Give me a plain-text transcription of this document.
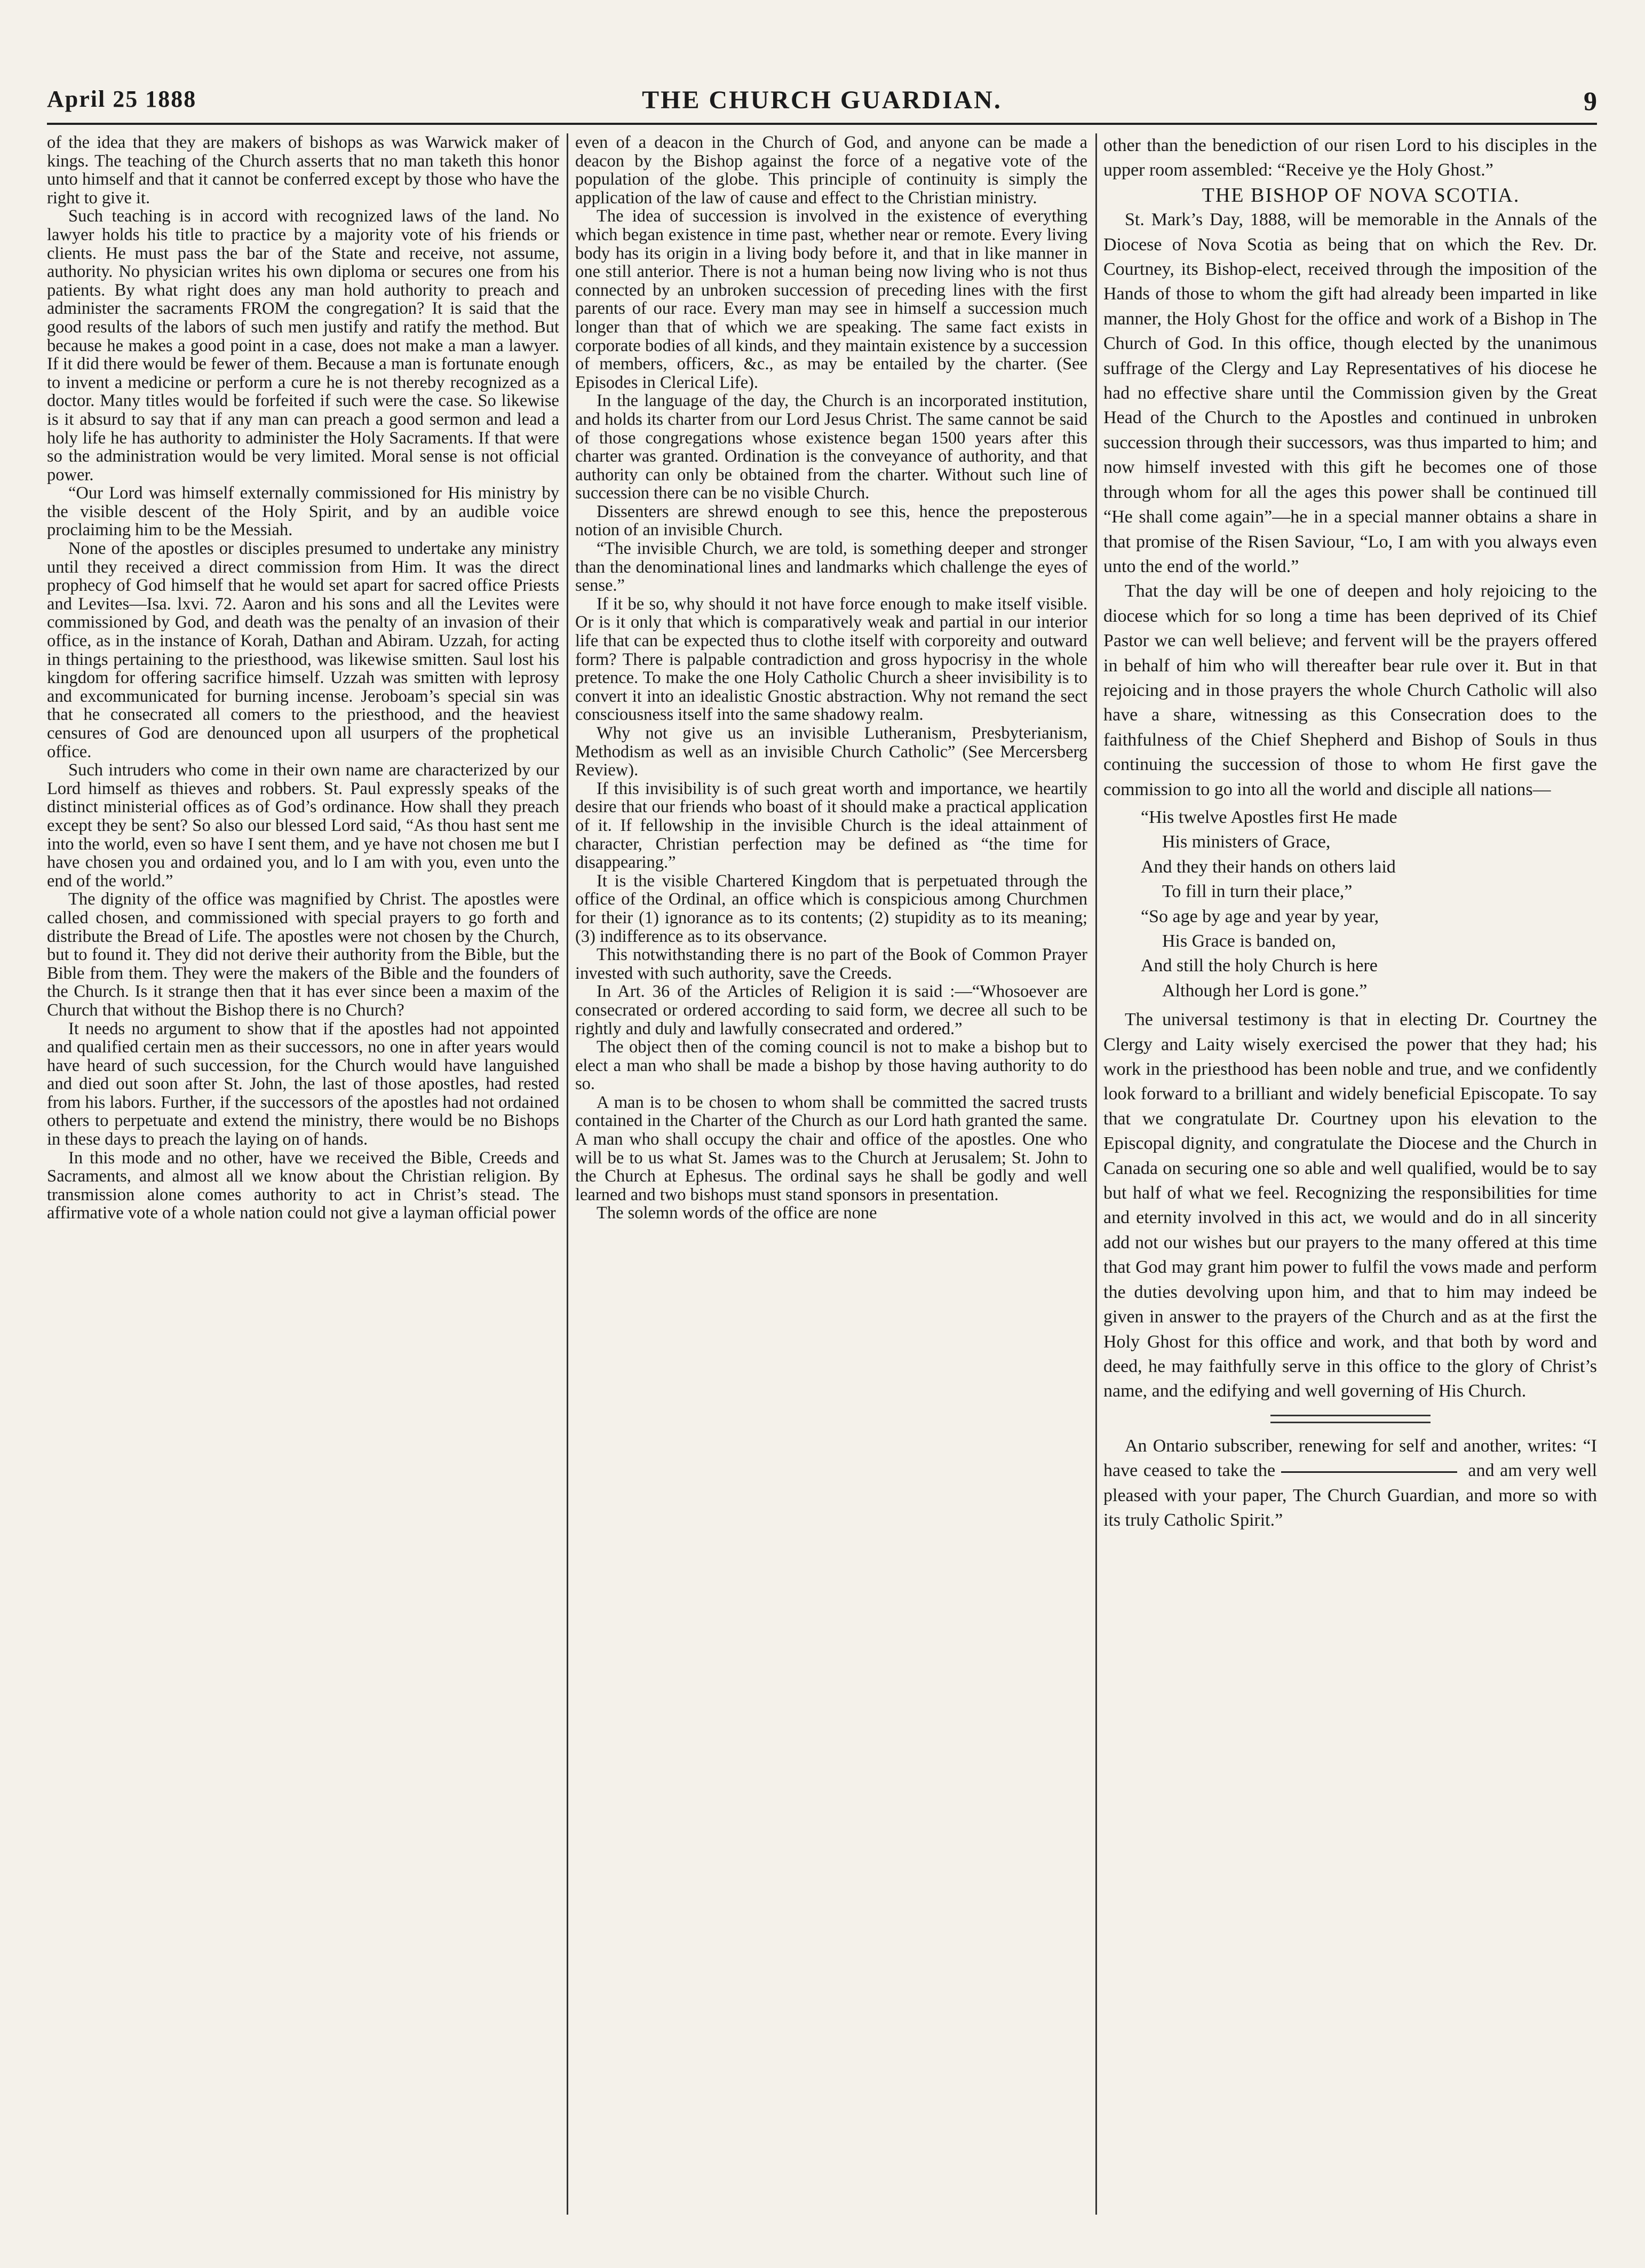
April 25 1888	THE CHURCH GUARDIAN.	9

of the idea that they are makers of bishops as was Warwick maker of kings. The teaching of the Church asserts that no man taketh this honor unto himself and that it cannot be conferred except by those who have the right to give it.

Such teaching is in accord with recognized laws of the land. No lawyer holds his title to practice by a majority vote of his friends or clients. He must pass the bar of the State and receive, not assume, authority. No physician writes his own diploma or secures one from his patients. By what right does any man hold authority to preach and administer the sacraments FROM the congregation? It is said that the good results of the labors of such men justify and ratify the method. But because he makes a good point in a case, does not make a man a lawyer. If it did there would be fewer of them. Because a man is fortunate enough to invent a medicine or perform a cure he is not thereby recognized as a doctor. Many titles would be forfeited if such were the case. So likewise is it absurd to say that if any man can preach a good sermon and lead a holy life he has authority to administer the Holy Sacraments. If that were so the administration would be very limited. Moral sense is not official power.

“Our Lord was himself externally commissioned for His ministry by the visible descent of the Holy Spirit, and by an audible voice proclaiming him to be the Messiah.

None of the apostles or disciples presumed to undertake any ministry until they received a direct commission from Him. It was the direct prophecy of God himself that he would set apart for sacred office Priests and Levites—Isa. lxvi. 72. Aaron and his sons and all the Levites were commissioned by God, and death was the penalty of an invasion of their office, as in the instance of Korah, Dathan and Abiram. Uzzah, for acting in things pertaining to the priesthood, was likewise smitten. Saul lost his kingdom for offering sacrifice himself. Uzzah was smitten with leprosy and excommunicated for burning incense. Jeroboam’s special sin was that he consecrated all comers to the priesthood, and the heaviest censures of God are denounced upon all usurpers of the prophetical office.

Such intruders who come in their own name are characterized by our Lord himself as thieves and robbers. St. Paul expressly speaks of the distinct ministerial offices as of God’s ordinance. How shall they preach except they be sent? So also our blessed Lord said, “As thou hast sent me into the world, even so have I sent them, and ye have not chosen me but I have chosen you and ordained you, and lo I am with you, even unto the end of the world.”

The dignity of the office was magnified by Christ. The apostles were called chosen, and commissioned with special prayers to go forth and distribute the Bread of Life. The apostles were not chosen by the Church, but to found it. They did not derive their authority from the Bible, but the Bible from them. They were the makers of the Bible and the founders of the Church. Is it strange then that it has ever since been a maxim of the Church that without the Bishop there is no Church?

It needs no argument to show that if the apostles had not appointed and qualified certain men as their successors, no one in after years would have heard of such succession, for the Church would have languished and died out soon after St. John, the last of those apostles, had rested from his labors. Further, if the successors of the apostles had not ordained others to perpetuate and extend the ministry, there would be no Bishops in these days to preach the laying on of hands.

In this mode and no other, have we received the Bible, Creeds and Sacraments, and almost all we know about the Christian religion. By transmission alone comes authority to act in Christ’s stead. The affirmative vote of a whole nation could not give a layman official power

even of a deacon in the Church of God, and anyone can be made a deacon by the Bishop against the force of a negative vote of the population of the globe. This principle of continuity is simply the application of the law of cause and effect to the Christian ministry.

The idea of succession is involved in the existence of everything which began existence in time past, whether near or remote. Every living body has its origin in a living body before it, and that in like manner in one still anterior. There is not a human being now living who is not thus connected by an unbroken succession of preceding lines with the first parents of our race. Every man may see in himself a succession much longer than that of which we are speaking. The same fact exists in corporate bodies of all kinds, and they maintain existence by a succession of members, officers, &c., as may be entailed by the charter. (See Episodes in Clerical Life).

In the language of the day, the Church is an incorporated institution, and holds its charter from our Lord Jesus Christ. The same cannot be said of those congregations whose existence began 1500 years after this charter was granted. Ordination is the conveyance of authority, and that authority can only be obtained from the charter. Without such line of succession there can be no visible Church.

Dissenters are shrewd enough to see this, hence the preposterous notion of an invisible Church.

“The invisible Church, we are told, is something deeper and stronger than the denominational lines and landmarks which challenge the eyes of sense.”

If it be so, why should it not have force enough to make itself visible. Or is it only that which is comparatively weak and partial in our interior life that can be expected thus to clothe itself with corporeity and outward form? There is palpable contradiction and gross hypocrisy in the whole pretence. To make the one Holy Catholic Church a sheer invisibility is to convert it into an idealistic Gnostic abstraction. Why not remand the sect consciousness itself into the same shadowy realm.

Why not give us an invisible Lutheranism, Presbyterianism, Methodism as well as an invisible Church Catholic” (See Mercersberg Review).

If this invisibility is of such great worth and importance, we heartily desire that our friends who boast of it should make a practical application of it. If fellowship in the invisible Church is the ideal attainment of character, Christian perfection may be defined as “the time for disappearing.”

It is the visible Chartered Kingdom that is perpetuated through the office of the Ordinal, an office which is conspicious among Churchmen for their (1) ignorance as to its contents; (2) stupidity as to its meaning; (3) indifference as to its observance.

This notwithstanding there is no part of the Book of Common Prayer invested with such authority, save the Creeds.

In Art. 36 of the Articles of Religion it is said :—“Whosoever are consecrated or ordered according to said form, we decree all such to be rightly and duly and lawfully consecrated and ordered.”

The object then of the coming council is not to make a bishop but to elect a man who shall be made a bishop by those having authority to do so.

A man is to be chosen to whom shall be committed the sacred trusts contained in the Charter of the Church as our Lord hath granted the same. A man who shall occupy the chair and office of the apostles. One who will be to us what St. James was to the Church at Jerusalem; St. John to the Church at Ephesus. The ordinal says he shall be godly and well learned and two bishops must stand sponsors in presentation.

The solemn words of the office are none

other than the benediction of our risen Lord to his disciples in the upper room assembled: “Receive ye the Holy Ghost.”

THE BISHOP OF NOVA SCOTIA.

St. Mark’s Day, 1888, will be memorable in the Annals of the Diocese of Nova Scotia as being that on which the Rev. Dr. Courtney, its Bishop-elect, received through the imposition of the Hands of those to whom the gift had already been imparted in like manner, the Holy Ghost for the office and work of a Bishop in The Church of God. In this office, though elected by the unanimous suffrage of the Clergy and Lay Representatives of his diocese he had no effective share until the Commission given by the Great Head of the Church to the Apostles and continued in unbroken succession through their successors, was thus imparted to him; and now himself invested with this gift he becomes one of those through whom for all the ages this power shall be continued till “He shall come again”—he in a special manner obtains a share in that promise of the Risen Saviour, “Lo, I am with you always even unto the end of the world.”

That the day will be one of deepen and holy rejoicing to the diocese which for so long a time has been deprived of its Chief Pastor we can well believe; and fervent will be the prayers offered in behalf of him who will thereafter bear rule over it. But in that rejoicing and in those prayers the whole Church Catholic will also have a share, witnessing as this Consecration does to the faithfulness of the Chief Shepherd and Bishop of Souls in thus continuing the succession of those to whom He first gave the commission to go into all the world and disciple all nations—

“His twelve Apostles first He made
His ministers of Grace,
And they their hands on others laid
To fill in turn their place,”
“So age by age and year by year,
His Grace is banded on,
And still the holy Church is here
Although her Lord is gone.”

The universal testimony is that in electing Dr. Courtney the Clergy and Laity wisely exercised the power that they had; his work in the priesthood has been noble and true, and we confidently look forward to a brilliant and widely beneficial Episcopate. To say that we congratulate Dr. Courtney upon his elevation to the Episcopal dignity, and congratulate the Diocese and the Church in Canada on securing one so able and well qualified, would be to say but half of what we feel. Recognizing the responsibilities for time and eternity involved in this act, we would and do in all sincerity add not our wishes but our prayers to the many offered at this time that God may grant him power to fulfil the vows made and perform the duties devolving upon him, and that to him may indeed be given in answer to the prayers of the Church and as at the first the Holy Ghost for this office and work, and that both by word and deed, he may faithfully serve in this office to the glory of Christ’s name, and the edifying and well governing of His Church.

An Ontario subscriber, renewing for self and another, writes: “I have ceased to take the	and am very well pleased with your paper, The Church Guardian, and more so with its truly Catholic Spirit.”
